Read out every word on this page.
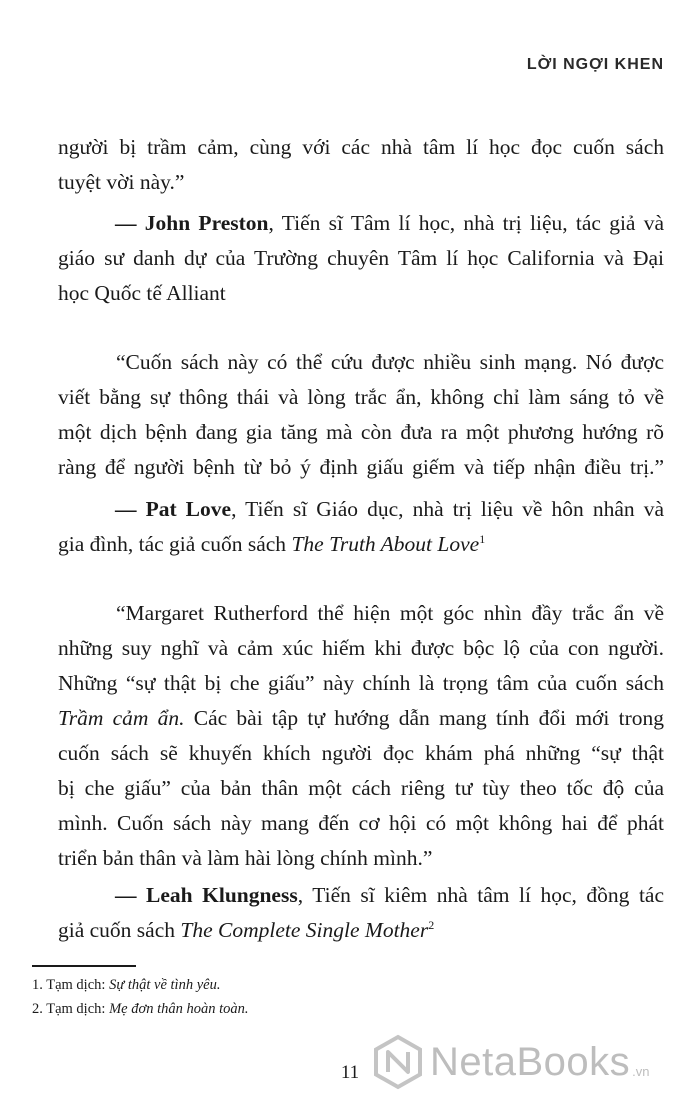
LỜI NGỢI KHEN
người bị trầm cảm, cùng với các nhà tâm lí học đọc cuốn sách
tuyệt vời này.”
— John Preston, Tiến sĩ Tâm lí học, nhà trị liệu, tác giả và
giáo sư danh dự của Trường chuyên Tâm lí học California và Đại
học Quốc tế Alliant
“Cuốn sách này có thể cứu được nhiều sinh mạng. Nó được
viết bằng sự thông thái và lòng trắc ẩn, không chỉ làm sáng tỏ về
một dịch bệnh đang gia tăng mà còn đưa ra một phương hướng rõ
ràng để người bệnh từ bỏ ý định giấu giếm và tiếp nhận điều trị.”
— Pat Love, Tiến sĩ Giáo dục, nhà trị liệu về hôn nhân và
gia đình, tác giả cuốn sách The Truth About Love$^1$
“Margaret Rutherford thể hiện một góc nhìn đầy trắc ẩn về
những suy nghĩ và cảm xúc hiếm khi được bộc lộ của con người.
Những “sự thật bị che giấu” này chính là trọng tâm của cuốn sách
Trầm cảm ẩn. Các bài tập tự hướng dẫn mang tính đổi mới trong
cuốn sách sẽ khuyến khích người đọc khám phá những “sự thật
bị che giấu” của bản thân một cách riêng tư tùy theo tốc độ của
mình. Cuốn sách này mang đến cơ hội có một không hai để phát
triển bản thân và làm hài lòng chính mình.”
— Leah Klungness, Tiến sĩ kiêm nhà tâm lí học, đồng tác
giả cuốn sách The Complete Single Mother$^2$
1. Tạm dịch: Sự thật về tình yêu.
2. Tạm dịch: Mẹ đơn thân hoàn toàn.
11	NetaBooks .vn
